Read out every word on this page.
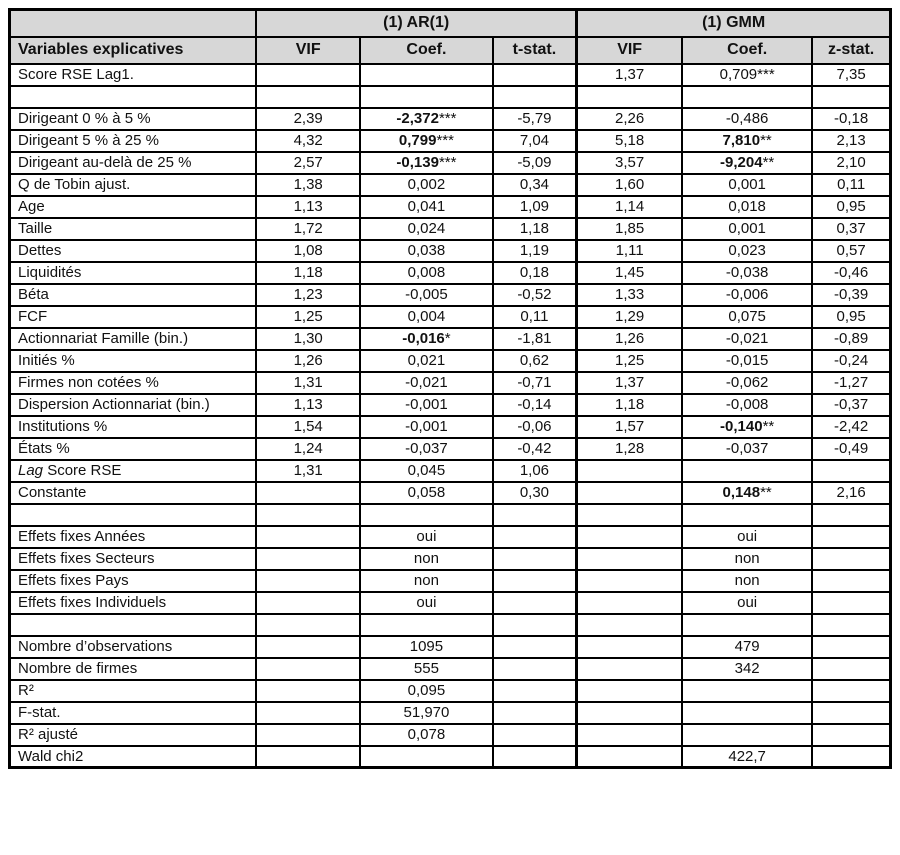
	(1) AR(1)			(1) GMM		
Variables explicatives	VIF	Coef.	t-stat.	VIF	Coef.	z-stat.
Score RSE Lag1.				1,37	0,709***	7,35

Dirigeant 0 % à 5 %	2,39	-2,372***	-5,79	2,26	-0,486	-0,18
Dirigeant 5 % à 25 %	4,32	0,799***	7,04	5,18	7,810**	2,13
Dirigeant au-delà de 25 %	2,57	-0,139***	-5,09	3,57	-9,204**	2,10
Q de Tobin ajust.	1,38	0,002	0,34	1,60	0,001	0,11
Age	1,13	0,041	1,09	1,14	0,018	0,95
Taille	1,72	0,024	1,18	1,85	0,001	0,37
Dettes	1,08	0,038	1,19	1,11	0,023	0,57
Liquidités	1,18	0,008	0,18	1,45	-0,038	-0,46
Béta	1,23	-0,005	-0,52	1,33	-0,006	-0,39
FCF	1,25	0,004	0,11	1,29	0,075	0,95
Actionnariat Famille (bin.)	1,30	-0,016*	-1,81	1,26	-0,021	-0,89
Initiés %	1,26	0,021	0,62	1,25	-0,015	-0,24
Firmes non cotées %	1,31	-0,021	-0,71	1,37	-0,062	-1,27
Dispersion Actionnariat (bin.)	1,13	-0,001	-0,14	1,18	-0,008	-0,37
Institutions %	1,54	-0,001	-0,06	1,57	-0,140**	-2,42
États %	1,24	-0,037	-0,42	1,28	-0,037	-0,49
Lag Score RSE	1,31	0,045	1,06			
Constante		0,058	0,30		0,148**	2,16

Effets fixes Années		oui			oui	
Effets fixes Secteurs		non			non	
Effets fixes Pays		non			non	
Effets fixes Individuels		oui			oui	

Nombre d’observations		1095			479	
Nombre de firmes		555			342	
R²		0,095				
F-stat.		51,970				
R² ajusté		0,078				
Wald chi2					422,7	
